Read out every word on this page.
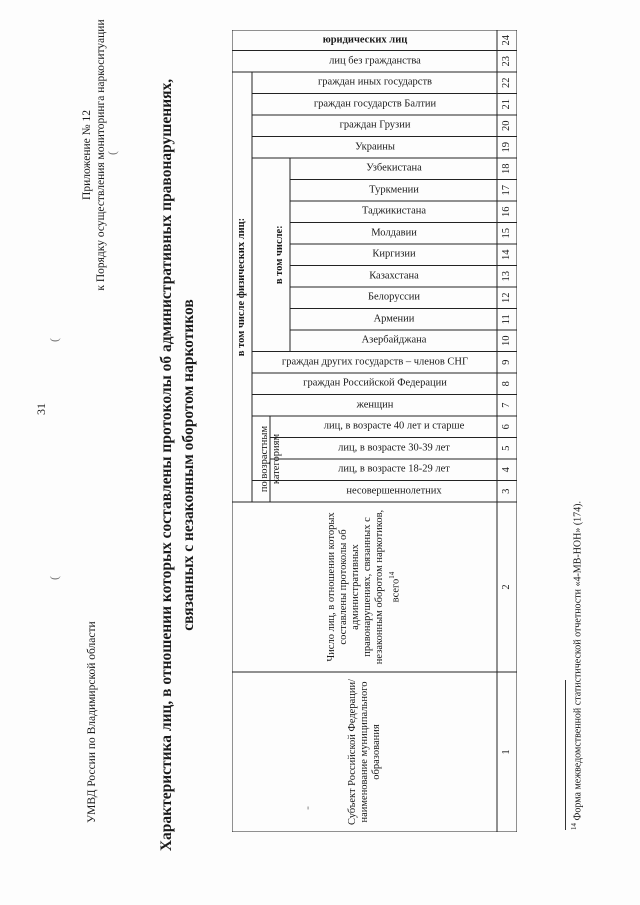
УМВД России по Владимирской области
31
Приложение № 12 к Порядку осуществления мониторинга наркоситуации
(
(
(
-
Характеристика лиц, в отношении которых составлены протоколы об административных правонарушениях, связанных с незаконным оборотом наркотиков
Субъект Российской Федерации/ наименование муниципального образования
Число лиц, в отношении которых составлены протоколы об административных правонарушениях, связанных с незаконным оборотом наркотиков, всего$^{14}$
в том числе физических лиц:
по возрастным категориям
в том числе:
несовершеннолетних
лиц, в возрасте 18-29 лет
лиц, в возрасте 30-39 лет
лиц, в возрасте 40 лет и старше
женщин
граждан Российской Федерации
граждан других государств – членов СНГ
Азербайджана
Армении
Белоруссии
Казахстана
Киргизии
Молдавии
Таджикистана
Туркмении
Узбекистана
Украины
граждан Грузии
граждан государств Балтии
граждан иных государств
лиц без гражданства
юридических лиц
1
2
3
4
5
6
7
8
9
10
11
12
13
14
15
16
17
18
19
20
21
22
23
24
$^{14}$ Форма межведомственной статистической отчетности «4-МВ-НОН» (174).
